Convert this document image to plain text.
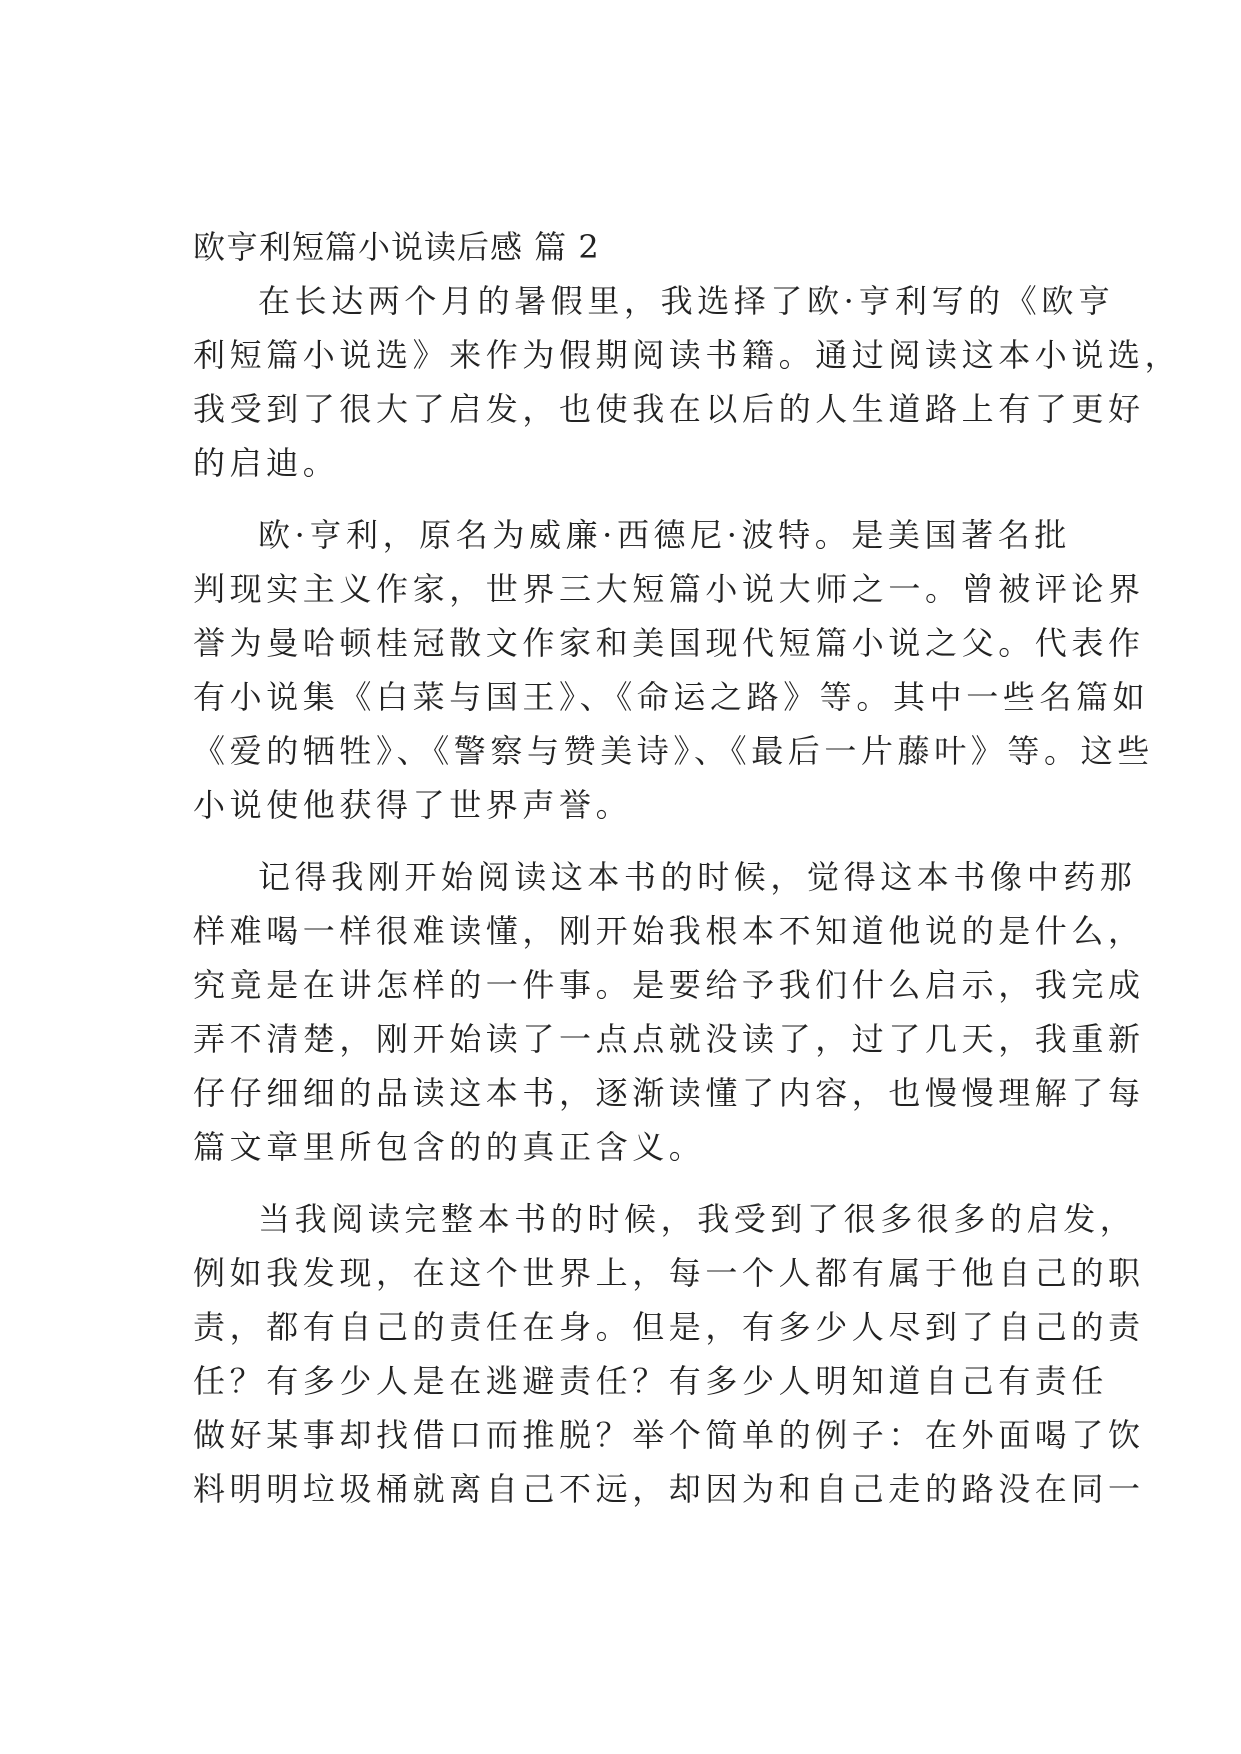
欧亨利短篇小说读后感 篇 2
在长达两个月的暑假里，我选择了欧·亨利写的《欧亨
利短篇小说选》来作为假期阅读书籍。通过阅读这本小说选，
我受到了很大了启发，也使我在以后的人生道路上有了更好
的启迪。
欧·亨利，原名为威廉·西德尼·波特。是美国著名批
判现实主义作家，世界三大短篇小说大师之一。曾被评论界
誉为曼哈顿桂冠散文作家和美国现代短篇小说之父。代表作
有小说集《白菜与国王》、《命运之路》等。其中一些名篇如
《爱的牺牲》、《警察与赞美诗》、《最后一片藤叶》等。这些
小说使他获得了世界声誉。
记得我刚开始阅读这本书的时候，觉得这本书像中药那
样难喝一样很难读懂，刚开始我根本不知道他说的是什么，
究竟是在讲怎样的一件事。是要给予我们什么启示，我完成
弄不清楚，刚开始读了一点点就没读了，过了几天，我重新
仔仔细细的品读这本书，逐渐读懂了内容，也慢慢理解了每
篇文章里所包含的的真正含义。
当我阅读完整本书的时候，我受到了很多很多的启发，
例如我发现，在这个世界上，每一个人都有属于他自己的职
责，都有自己的责任在身。但是，有多少人尽到了自己的责
任？有多少人是在逃避责任？有多少人明知道自己有责任
做好某事却找借口而推脱？举个简单的例子：在外面喝了饮
料明明垃圾桶就离自己不远，却因为和自己走的路没在同一
